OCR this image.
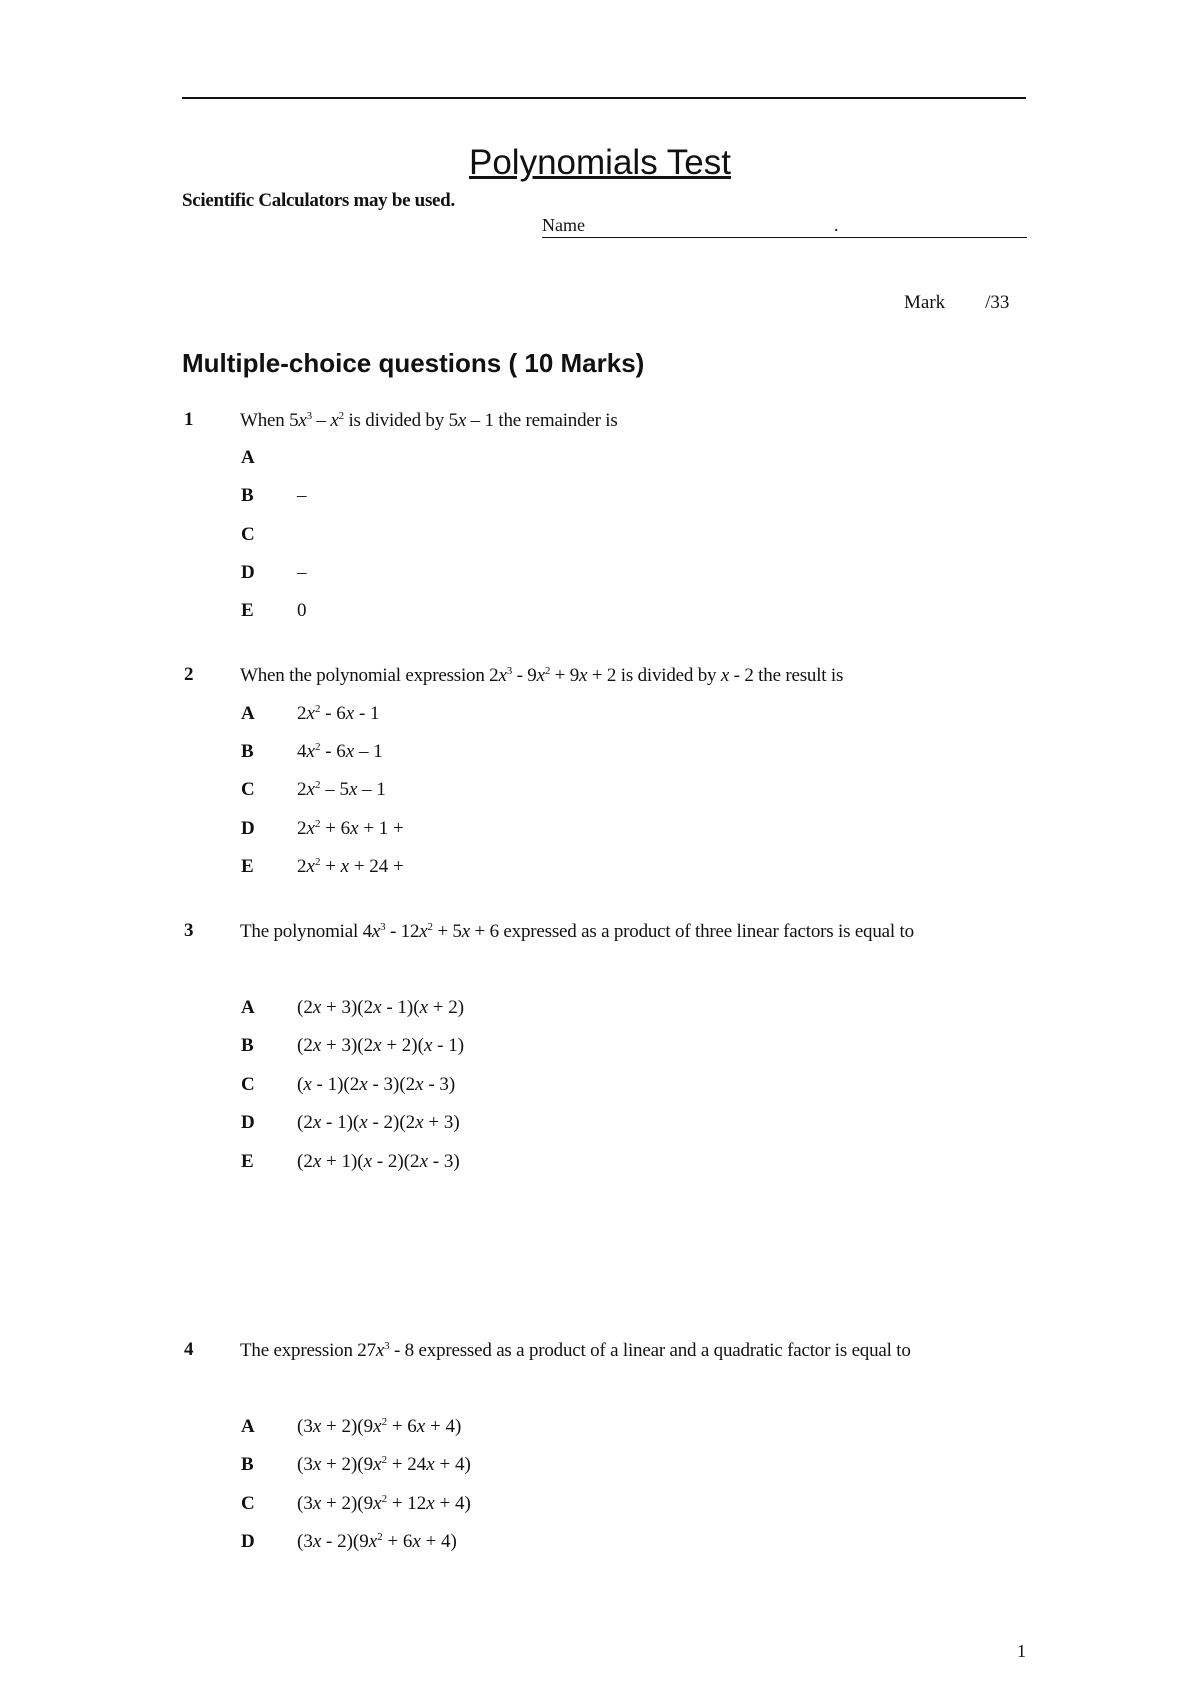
Polynomials Test
Scientific Calculators may be used.
Name	.
Mark /33
Multiple-choice questions ( 10 Marks)
1 When $5x^3 - x^2$ is divided by 5x – 1 the remainder is
A
B –
C
D –
E 0
2 When the polynomial expression $2x^3 - 9x^2 + 9x + 2$ is divided by x - 2 the result is
A $2x^2 - 6x - 1$
B $4x^2 - 6x - 1$
C $2x^2 - 5x - 1$
D $2x^2 + 6x + 1$ +
E $2x^2 + x + 24$ +
3 The polynomial $4x^3 - 12x^2 + 5x + 6$ expressed as a product of three linear factors is equal to
A (2x + 3)(2x - 1)(x + 2)
B (2x + 3)(2x + 2)(x - 1)
C (x - 1)(2x - 3)(2x - 3)
D (2x - 1)(x - 2)(2x + 3)
E (2x + 1)(x - 2)(2x - 3)
4 The expression $27x^3 - 8$ expressed as a product of a linear and a quadratic factor is equal to
A $(3x + 2)(9x^2 + 6x + 4)$
B $(3x + 2)(9x^2 + 24x + 4)$
C $(3x + 2)(9x^2 + 12x + 4)$
D $(3x - 2)(9x^2 + 6x + 4)$
1
